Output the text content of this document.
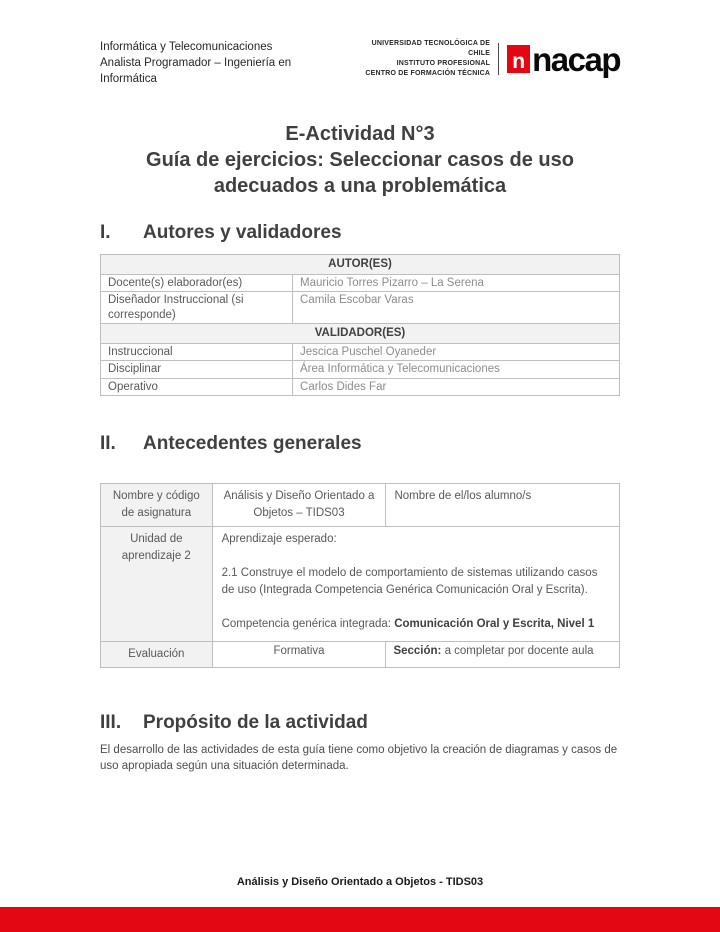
Informática y Telecomunicaciones
Analista Programador – Ingeniería en Informática
UNIVERSIDAD TECNOLÓGICA DE CHILE
INSTITUTO PROFESIONAL
CENTRO DE FORMACIÓN TÉCNICA
n nacap
E-Actividad N°3
Guía de ejercicios: Seleccionar casos de uso adecuados a una problemática
I.	Autores y validadores
AUTOR(ES)	
Docente(s) elaborador(es)	Mauricio Torres Pizarro – La Serena
Diseñador Instruccional (si corresponde)	Camila Escobar Varas
VALIDADOR(ES)	
Instruccional	Jescica Puschel Oyaneder
Disciplinar	Área Informática y Telecomunicaciones
Operativo	Carlos Dides Far
II.	Antecedentes generales
Nombre y código de asignatura	Análisis y Diseño Orientado a Objetos – TIDS03	Nombre de el/los alumno/s
Unidad de aprendizaje 2	Aprendizaje esperado:
2.1 Construye el modelo de comportamiento de sistemas utilizando casos de uso (Integrada Competencia Genérica Comunicación Oral y Escrita).
Competencia genérica integrada: Comunicación Oral y Escrita, Nivel 1	

Evaluación	Formativa	Sección: a completar por docente aula
III.	Propósito de la actividad
El desarrollo de las actividades de esta guía tiene como objetivo la creación de diagramas y casos de uso apropiada según una situación determinada.
Análisis y Diseño Orientado a Objetos - TIDS03
